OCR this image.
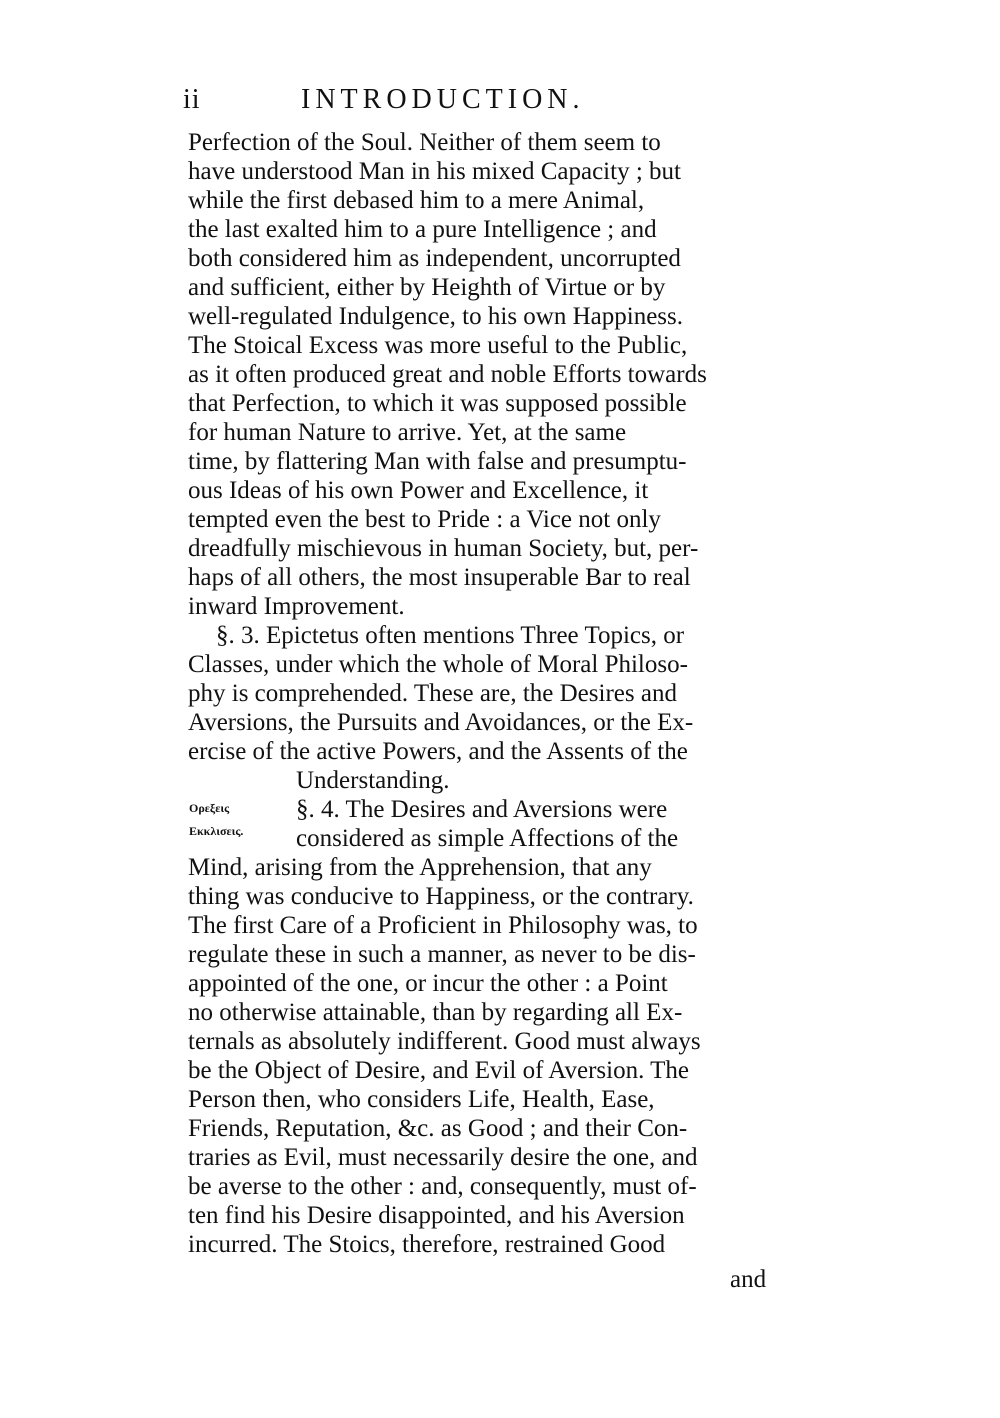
ii	INTRODUCTION.
Perfection of the Soul. Neither of them seem to
have understood Man in his mixed Capacity ; but
while the first debased him to a mere Animal,
the last exalted him to a pure Intelligence ; and
both considered him as independent, uncorrupted
and sufficient, either by Heighth of Virtue or by
well-regulated Indulgence, to his own Happiness.
The Stoical Excess was more useful to the Public,
as it often produced great and noble Efforts towards
that Perfection, to which it was supposed possible
for human Nature to arrive. Yet, at the same
time, by flattering Man with false and presumptu-
ous Ideas of his own Power and Excellence, it
tempted even the best to Pride : a Vice not only
dreadfully mischievous in human Society, but, per-
haps of all others, the most insuperable Bar to real
inward Improvement.
§. 3. Epictetus often mentions Three Topics, or
Classes, under which the whole of Moral Philoso-
phy is comprehended. These are, the Desires and
Aversions, the Pursuits and Avoidances, or the Ex-
ercise of the active Powers, and the Assents of the
Understanding.
§. 4. The Desires and Aversions were
considered as simple Affections of the
Mind, arising from the Apprehension, that any
thing was conducive to Happiness, or the contrary.
The first Care of a Proficient in Philosophy was, to
regulate these in such a manner, as never to be dis-
appointed of the one, or incur the other : a Point
no otherwise attainable, than by regarding all Ex-
ternals as absolutely indifferent. Good must always
be the Object of Desire, and Evil of Aversion. The
Person then, who considers Life, Health, Ease,
Friends, Reputation, &c. as Good ; and their Con-
traries as Evil, must necessarily desire the one, and
be averse to the other : and, consequently, must of-
ten find his Desire disappointed, and his Aversion
incurred. The Stoics, therefore, restrained Good
Ορεξεις
Εκκλισεις.
and
